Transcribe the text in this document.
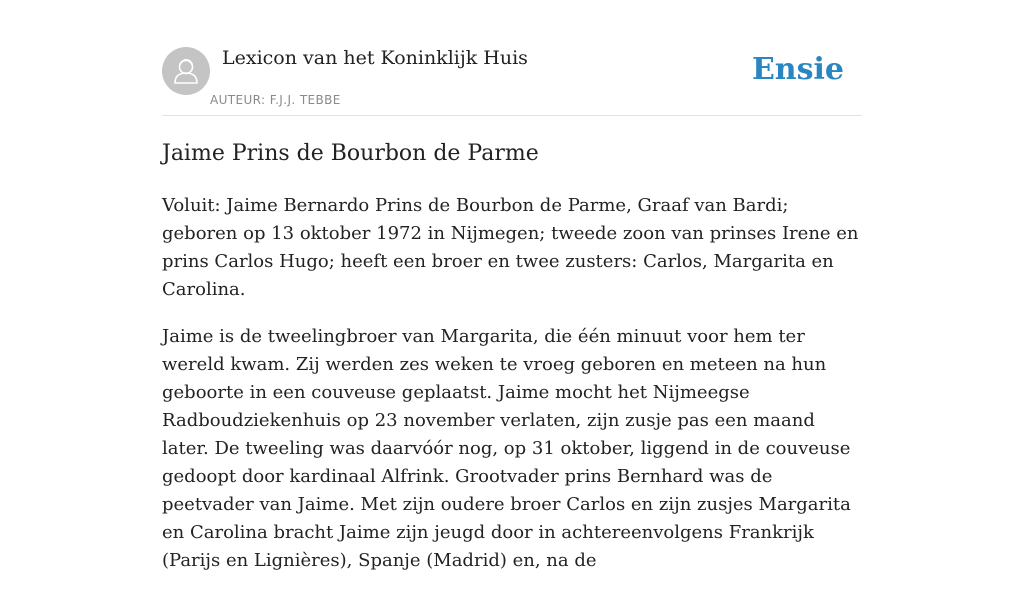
Lexicon van het Koninklijk Huis
AUTEUR: F.J.J. TEBBE
Ensie
Jaime Prins de Bourbon de Parme

Voluit: Jaime Bernardo Prins de Bourbon de Parme, Graaf van Bardi; geboren op 13 oktober 1972 in Nijmegen; tweede zoon van prinses Irene en prins Carlos Hugo; heeft een broer en twee zusters: Carlos, Margarita en Carolina.

Jaime is de tweelingbroer van Margarita, die één minuut voor hem ter wereld kwam. Zij werden zes weken te vroeg geboren en meteen na hun geboorte in een couveuse geplaatst. Jaime mocht het Nijmeegse Radboudziekenhuis op 23 november verlaten, zijn zusje pas een maand later. De tweeling was daarvóór nog, op 31 oktober, liggend in de couveuse gedoopt door kardinaal Alfrink. Grootvader prins Bernhard was de peetvader van Jaime. Met zijn oudere broer Carlos en zijn zusjes Margarita en Carolina bracht Jaime zijn jeugd door in achtereenvolgens Frankrijk (Parijs en Lignières), Spanje (Madrid) en, na de
